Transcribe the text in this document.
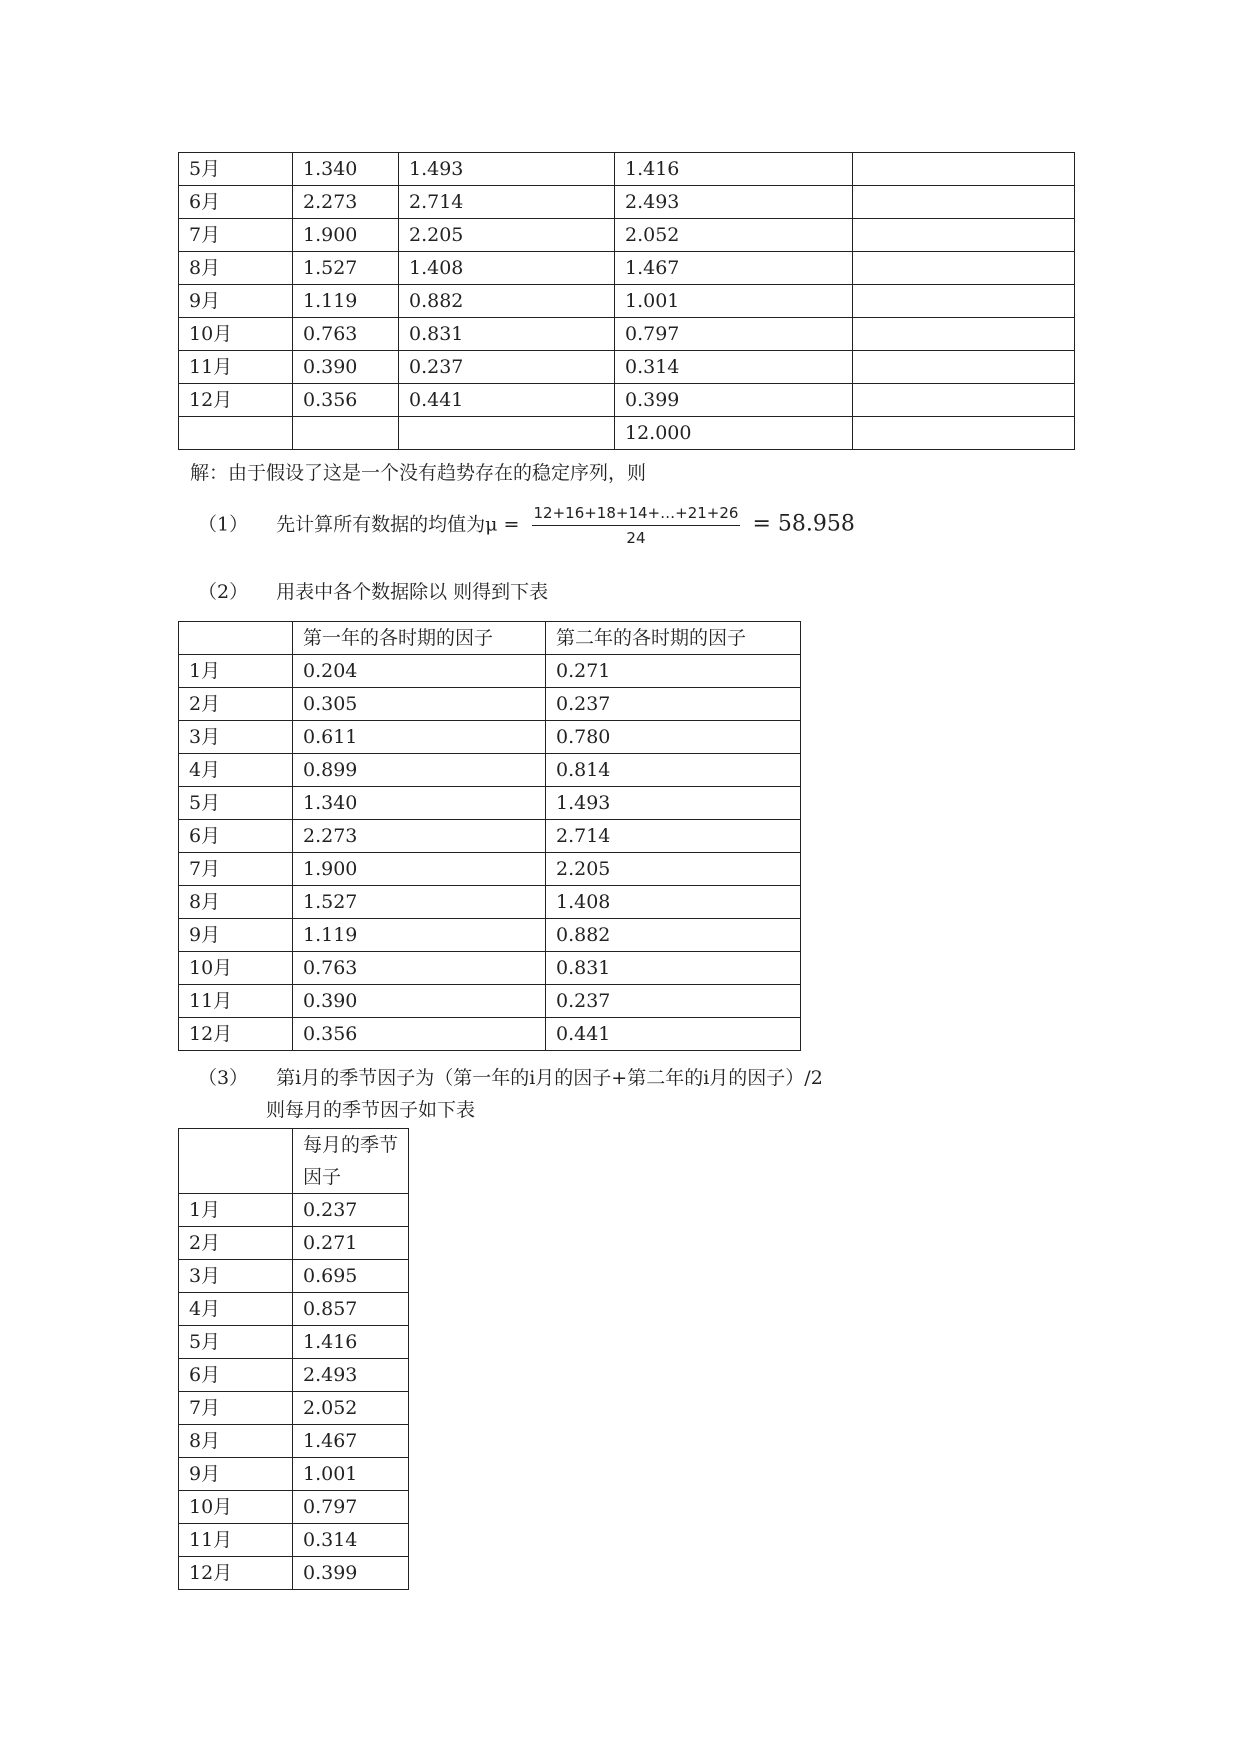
5月	1.340	1.493	1.416	
6月	2.273	2.714	2.493	
7月	1.900	2.205	2.052	
8月	1.527	1.408	1.467	
9月	1.119	0.882	1.001	
10月	0.763	0.831	0.797	
11月	0.390	0.237	0.314	
12月	0.356	0.441	0.399	
			12.000	
解：由于假设了这是一个没有趋势存在的稳定序列，则
（1） 先计算所有数据的均值为$\mu = \frac{12+16+18+14+\dots+21+26}{24} = 58.958$
（2） 用表中各个数据除以 则得到下表
	第一年的各时期的因子	第二年的各时期的因子
1月	0.204	0.271
2月	0.305	0.237
3月	0.611	0.780
4月	0.899	0.814
5月	1.340	1.493
6月	2.273	2.714
7月	1.900	2.205
8月	1.527	1.408
9月	1.119	0.882
10月	0.763	0.831
11月	0.390	0.237
12月	0.356	0.441
（3） 第i月的季节因子为（第一年的i月的因子+第二年的i月的因子）/2
则每月的季节因子如下表
	每月的季节因子
1月	0.237
2月	0.271
3月	0.695
4月	0.857
5月	1.416
6月	2.493
7月	2.052
8月	1.467
9月	1.001
10月	0.797
11月	0.314
12月	0.399
